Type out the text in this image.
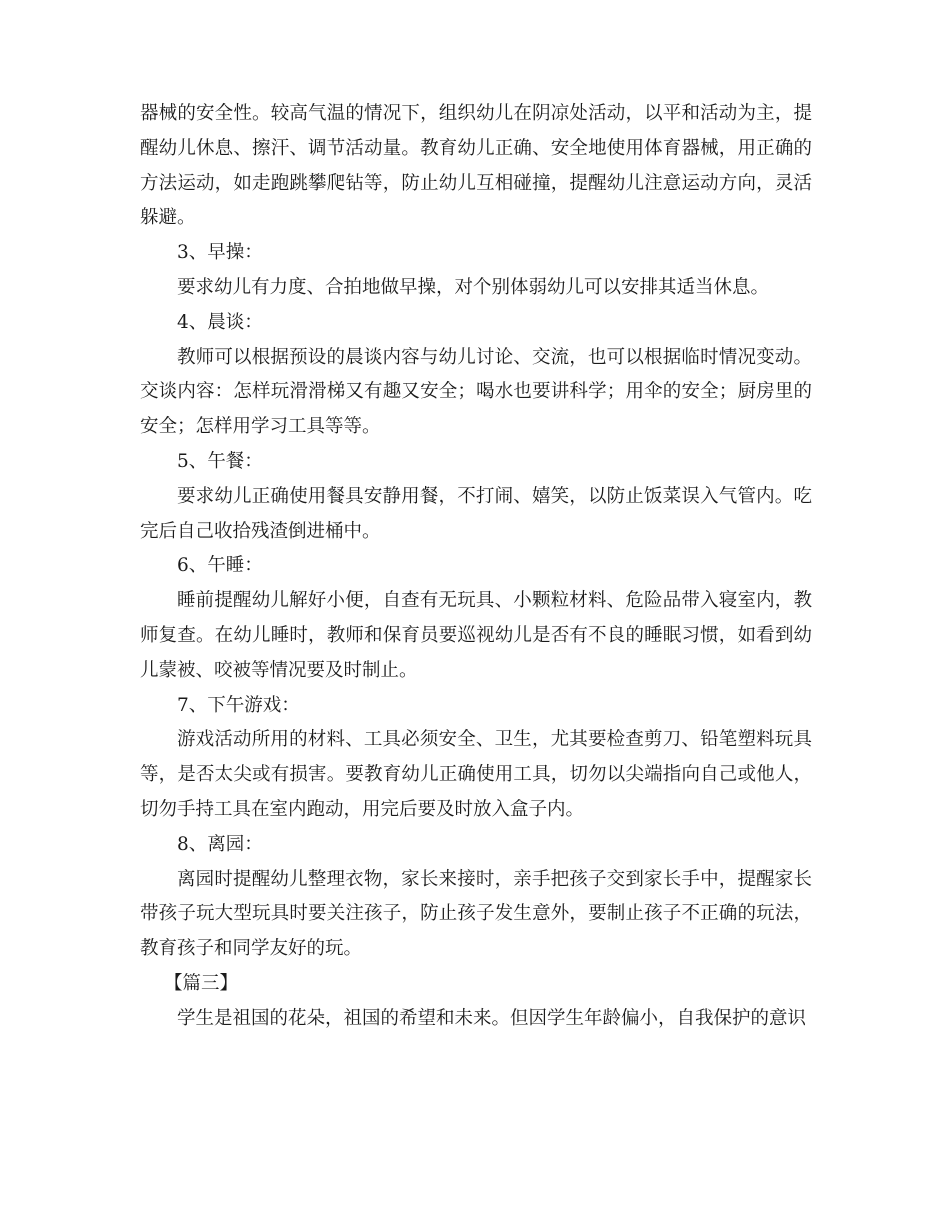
器械的安全性。较高气温的情况下，组织幼儿在阴凉处活动，以平和活动为主，提醒幼儿休息、擦汗、调节活动量。教育幼儿正确、安全地使用体育器械，用正确的方法运动，如走跑跳攀爬钻等，防止幼儿互相碰撞，提醒幼儿注意运动方向，灵活躲避。

3、早操：

要求幼儿有力度、合拍地做早操，对个别体弱幼儿可以安排其适当休息。

4、晨谈：

教师可以根据预设的晨谈内容与幼儿讨论、交流，也可以根据临时情况变动。交谈内容：怎样玩滑滑梯又有趣又安全；喝水也要讲科学；用伞的安全；厨房里的安全；怎样用学习工具等等。

5、午餐：

要求幼儿正确使用餐具安静用餐，不打闹、嬉笑，以防止饭菜误入气管内。吃完后自己收拾残渣倒进桶中。

6、午睡：

睡前提醒幼儿解好小便，自查有无玩具、小颗粒材料、危险品带入寝室内，教师复查。在幼儿睡时，教师和保育员要巡视幼儿是否有不良的睡眠习惯，如看到幼儿蒙被、咬被等情况要及时制止。

7、下午游戏：

游戏活动所用的材料、工具必须安全、卫生，尤其要检查剪刀、铅笔塑料玩具等，是否太尖或有损害。要教育幼儿正确使用工具，切勿以尖端指向自己或他人，切勿手持工具在室内跑动，用完后要及时放入盒子内。

8、离园：

离园时提醒幼儿整理衣物，家长来接时，亲手把孩子交到家长手中，提醒家长带孩子玩大型玩具时要关注孩子，防止孩子发生意外，要制止孩子不正确的玩法，教育孩子和同学友好的玩。

【篇三】

学生是祖国的花朵，祖国的希望和未来。但因学生年龄偏小，自我保护的意识
